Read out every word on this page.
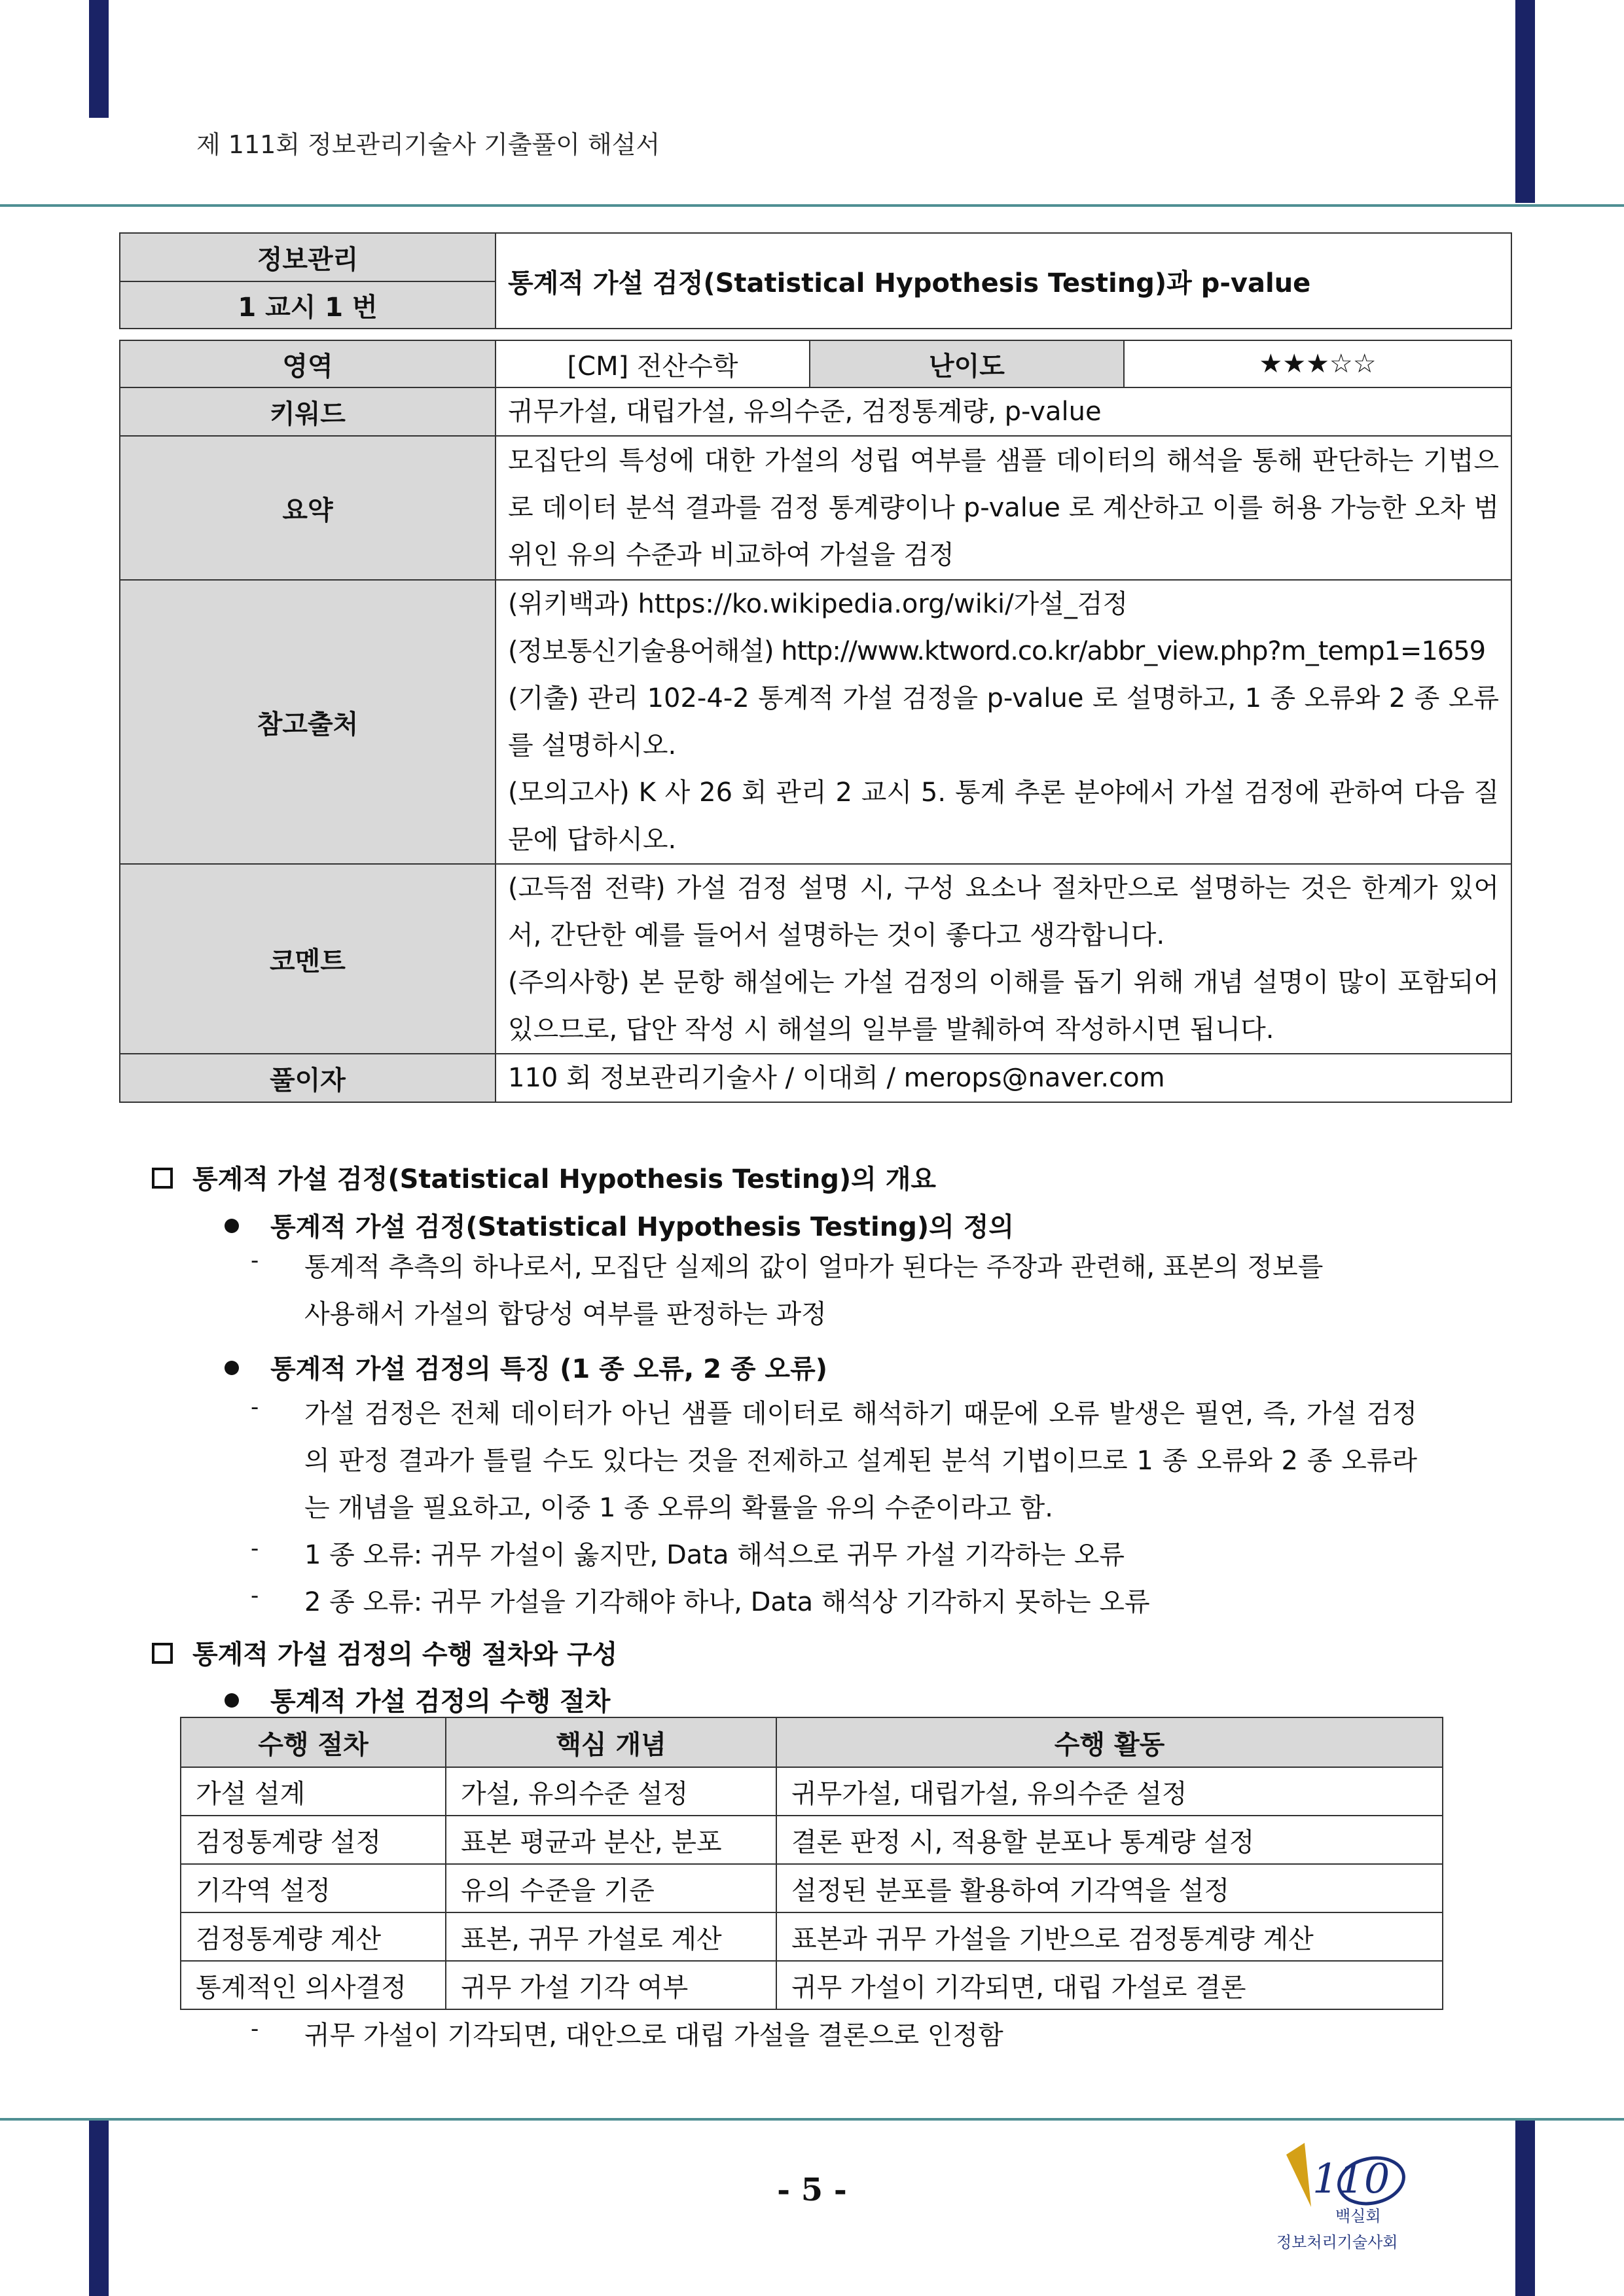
제 111회 정보관리기술사 기출풀이 해설서
정보관리	통계적 가설 검정(Statistical Hypothesis Testing)과 p-value
1 교시 1 번
영역	[CM] 전산수학	난이도	★★★☆☆
키워드	귀무가설, 대립가설, 유의수준, 검정통계량, p-value		
요약	모집단의 특성에 대한 가설의 성립 여부를 샘플 데이터의 해석을 통해 판단하는 기법으로 데이터 분석 결과를 검정 통계량이나 p-value 로 계산하고 이를 허용 가능한 오차 범위인 유의 수준과 비교하여 가설을 검정		
참고출처	(위키백과) https://ko.wikipedia.org/wiki/가설_검정
(정보통신기술용어해설) http://www.ktword.co.kr/abbr_view.php?m_temp1=1659
(기출) 관리 102-4-2 통계적 가설 검정을 p-value 로 설명하고, 1 종 오류와 2 종 오류를 설명하시오.
(모의고사) K 사 26 회 관리 2 교시 5. 통계 추론 분야에서 가설 검정에 관하여 다음 질문에 답하시오.		

코멘트	(고득점 전략) 가설 검정 설명 시, 구성 요소나 절차만으로 설명하는 것은 한계가 있어서, 간단한 예를 들어서 설명하는 것이 좋다고 생각합니다.
(주의사항) 본 문항 해설에는 가설 검정의 이해를 돕기 위해 개념 설명이 많이 포함되어 있으므로, 답안 작성 시 해설의 일부를 발췌하여 작성하시면 됩니다.		

풀이자	110 회 정보관리기술사 / 이대희 / merops@naver.com		
통계적 가설 검정(Statistical Hypothesis Testing)의 개요
통계적 가설 검정(Statistical Hypothesis Testing)의 정의
- 통계적 추측의 하나로서, 모집단 실제의 값이 얼마가 된다는 주장과 관련해, 표본의 정보를 사용해서 가설의 합당성 여부를 판정하는 과정
통계적 가설 검정의 특징 (1 종 오류, 2 종 오류)
- 가설 검정은 전체 데이터가 아닌 샘플 데이터로 해석하기 때문에 오류 발생은 필연, 즉, 가설 검정의 판정 결과가 틀릴 수도 있다는 것을 전제하고 설계된 분석 기법이므로 1 종 오류와 2 종 오류라는 개념을 필요하고, 이중 1 종 오류의 확률을 유의 수준이라고 함.
- 1 종 오류: 귀무 가설이 옳지만, Data 해석으로 귀무 가설 기각하는 오류
- 2 종 오류: 귀무 가설을 기각해야 하나, Data 해석상 기각하지 못하는 오류
통계적 가설 검정의 수행 절차와 구성
통계적 가설 검정의 수행 절차
수행 절차	핵심 개념	수행 활동
가설 설계	가설, 유의수준 설정	귀무가설, 대립가설, 유의수준 설정
검정통계량 설정	표본 평균과 분산, 분포	결론 판정 시, 적용할 분포나 통계량 설정
기각역 설정	유의 수준을 기준	설정된 분포를 활용하여 기각역을 설정
검정통계량 계산	표본, 귀무 가설로 계산	표본과 귀무 가설을 기반으로 검정통계량 계산
통계적인 의사결정	귀무 가설 기각 여부	귀무 가설이 기각되면, 대립 가설로 결론
- 귀무 가설이 기각되면, 대안으로 대립 가설을 결론으로 인정함
- 5 -	110
백실회
정보처리기술사회
